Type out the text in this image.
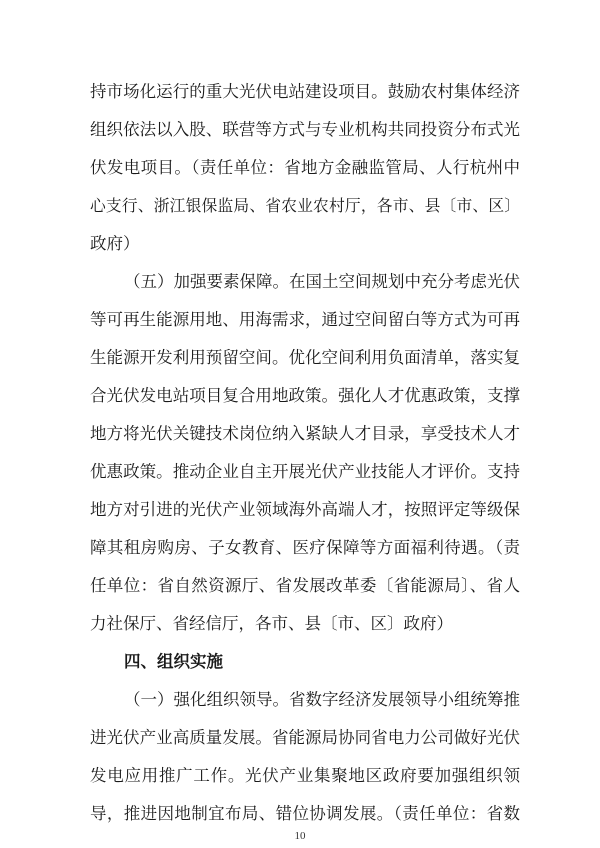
持市场化运行的重大光伏电站建设项目。鼓励农村集体经济
组织依法以入股、联营等方式与专业机构共同投资分布式光
伏发电项目。（责任单位：省地方金融监管局、人行杭州中
心支行、浙江银保监局、省农业农村厅，各市、县〔市、区〕
政府）
（五）加强要素保障。在国土空间规划中充分考虑光伏
等可再生能源用地、用海需求，通过空间留白等方式为可再
生能源开发利用预留空间。优化空间利用负面清单，落实复
合光伏发电站项目复合用地政策。强化人才优惠政策，支撑
地方将光伏关键技术岗位纳入紧缺人才目录，享受技术人才
优惠政策。推动企业自主开展光伏产业技能人才评价。支持
地方对引进的光伏产业领域海外高端人才，按照评定等级保
障其租房购房、子女教育、医疗保障等方面福利待遇。（责
任单位：省自然资源厅、省发展改革委〔省能源局〕、省人
力社保厅、省经信厅，各市、县〔市、区〕政府）
四、组织实施
（一）强化组织领导。省数字经济发展领导小组统筹推
进光伏产业高质量发展。省能源局协同省电力公司做好光伏
发电应用推广工作。光伏产业集聚地区政府要加强组织领
导，推进因地制宜布局、错位协调发展。（责任单位：省数
10
